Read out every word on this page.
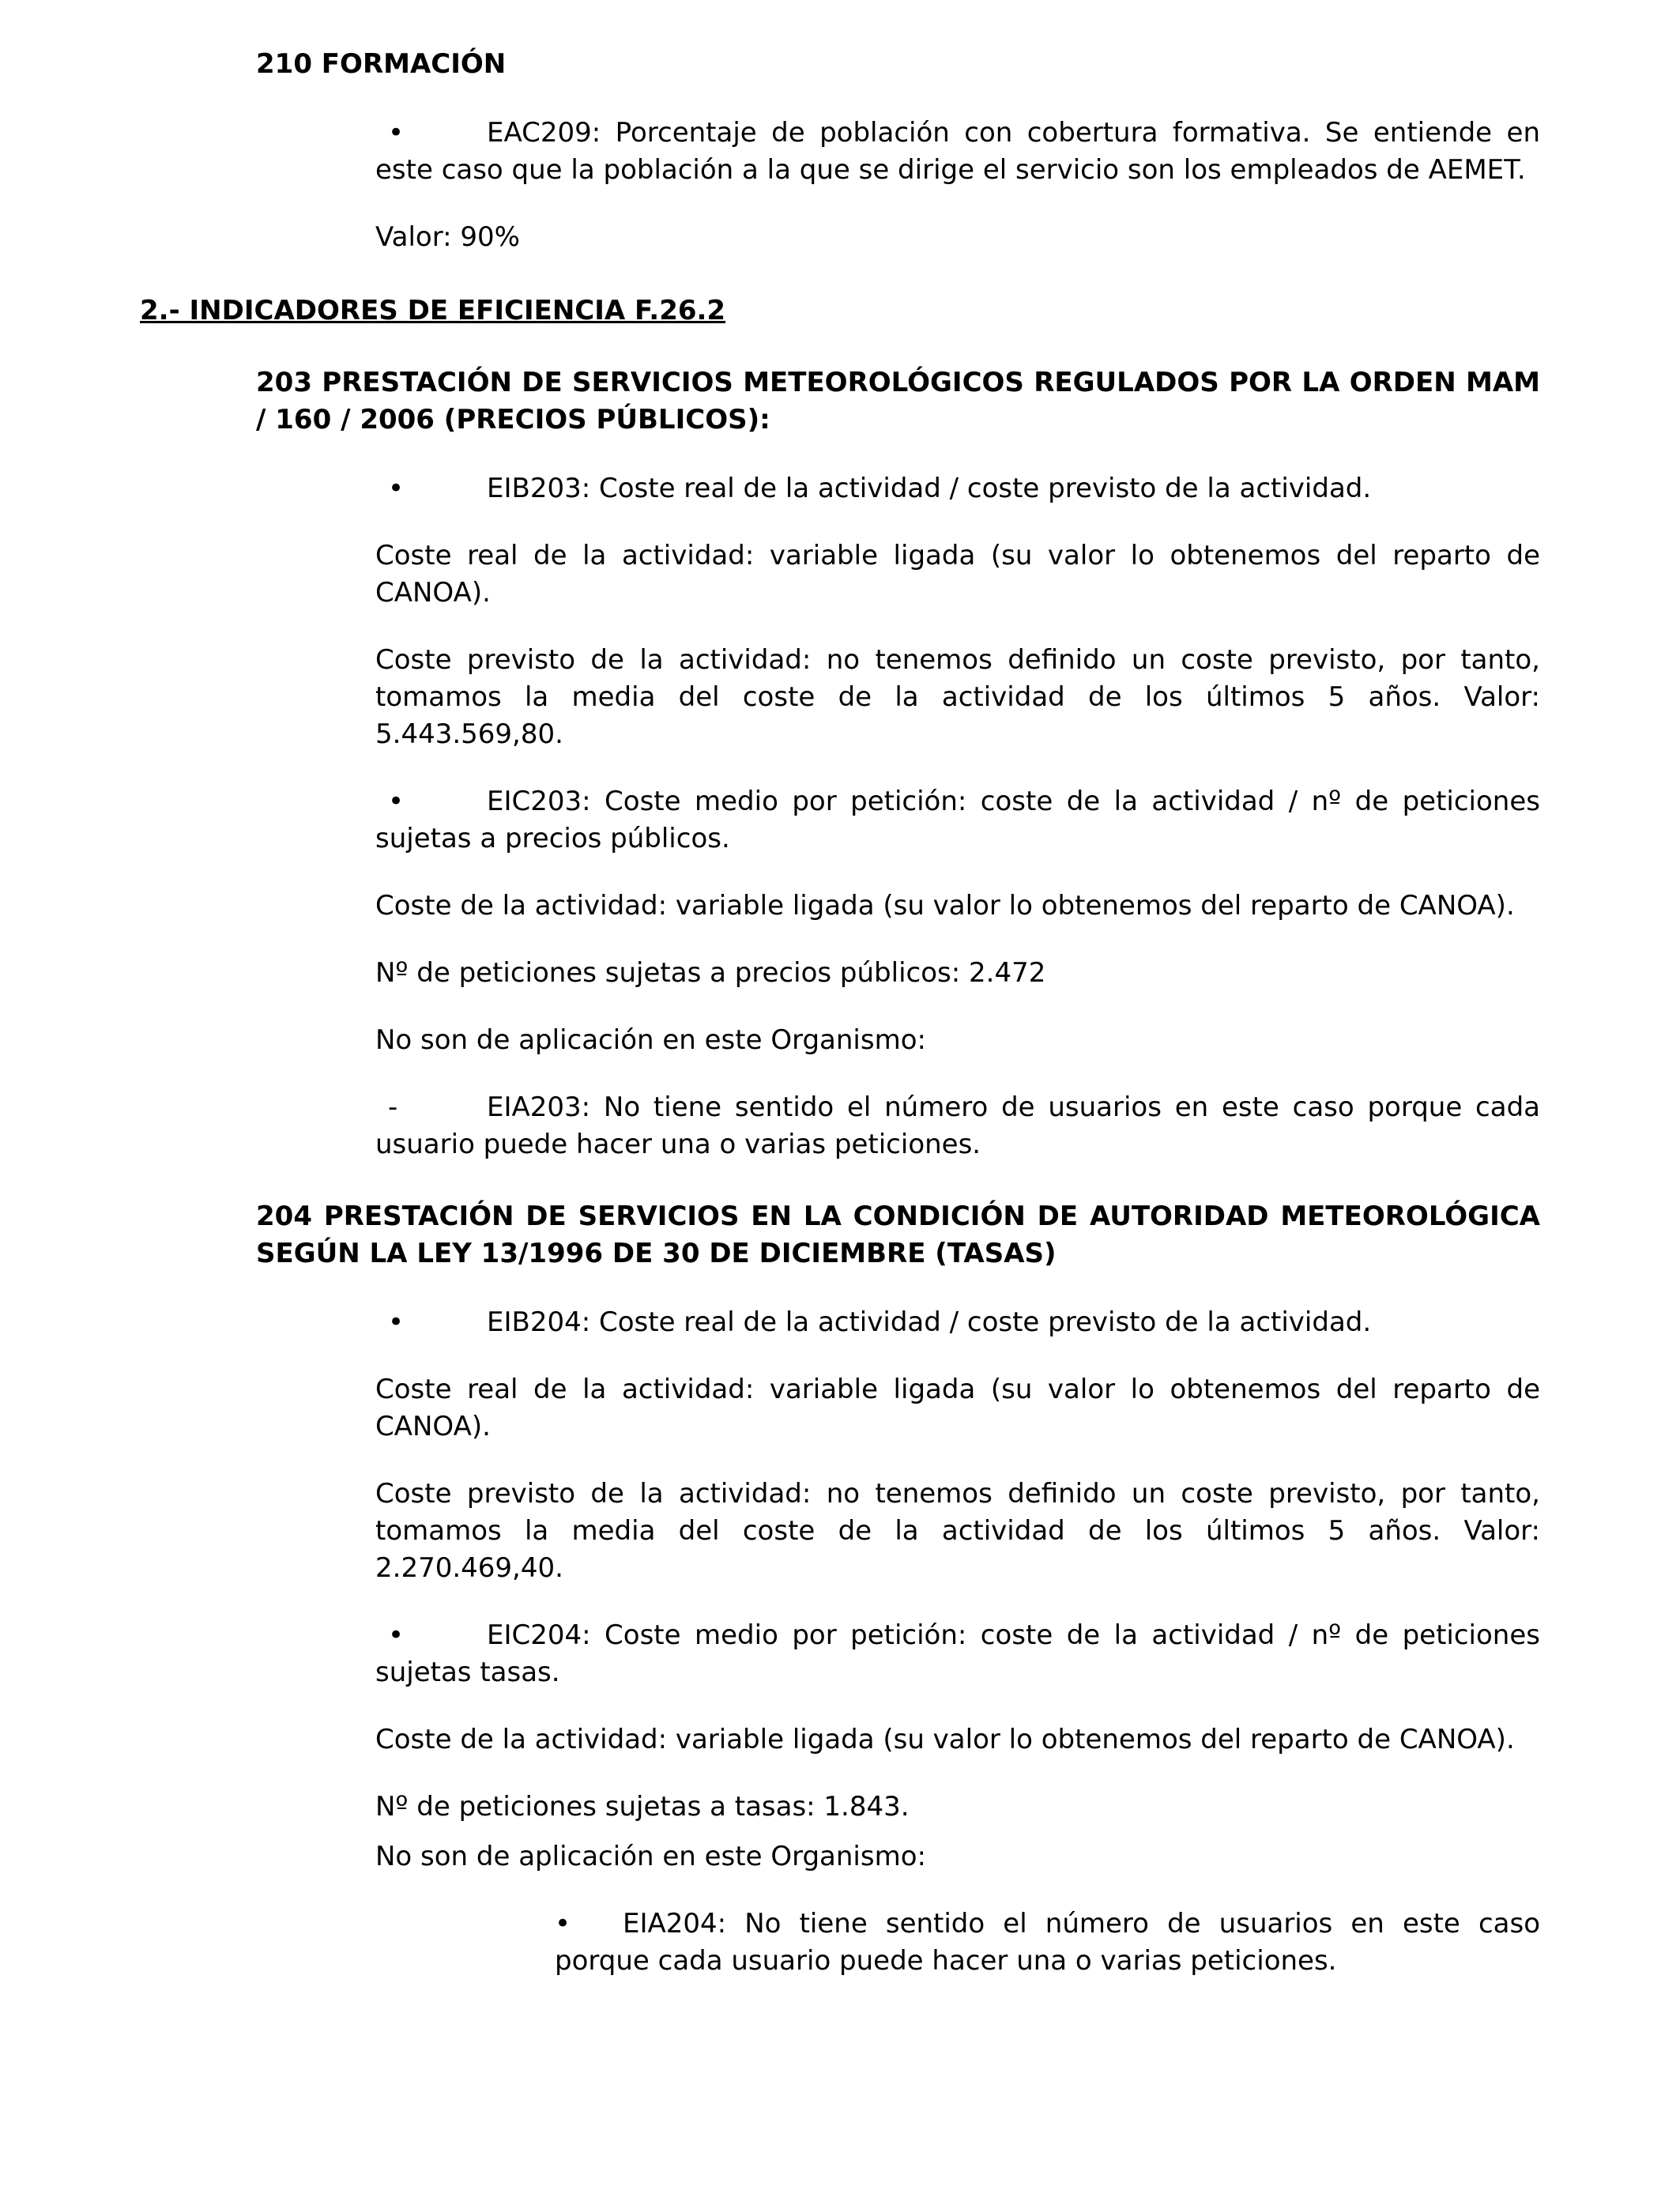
210 FORMACIÓN

•	EAC209: Porcentaje de población con cobertura formativa. Se entiende en este caso que la población a la que se dirige el servicio son los empleados de AEMET.

Valor: 90%

2.- INDICADORES DE EFICIENCIA F.26.2
203 PRESTACIÓN DE SERVICIOS METEOROLÓGICOS REGULADOS POR LA ORDEN MAM / 160 / 2006 (PRECIOS PÚBLICOS):

•	EIB203: Coste real de la actividad / coste previsto de la actividad.

Coste real de la actividad: variable ligada (su valor lo obtenemos del reparto de CANOA).

Coste previsto de la actividad: no tenemos definido un coste previsto, por tanto, tomamos la media del coste de la actividad de los últimos 5 años. Valor: 5.443.569,80.

•	EIC203: Coste medio por petición: coste de la actividad / nº de peticiones sujetas a precios públicos.

Coste de la actividad: variable ligada (su valor lo obtenemos del reparto de CANOA).

Nº de peticiones sujetas a precios públicos: 2.472

No son de aplicación en este Organismo:

-	EIA203: No tiene sentido el número de usuarios en este caso porque cada usuario puede hacer una o varias peticiones.

204 PRESTACIÓN DE SERVICIOS EN LA CONDICIÓN DE AUTORIDAD METEOROLÓGICA SEGÚN LA LEY 13/1996 DE 30 DE DICIEMBRE (TASAS)

•	EIB204: Coste real de la actividad / coste previsto de la actividad.

Coste real de la actividad: variable ligada (su valor lo obtenemos del reparto de CANOA).

Coste previsto de la actividad: no tenemos definido un coste previsto, por tanto, tomamos la media del coste de la actividad de los últimos 5 años. Valor: 2.270.469,40.

•	EIC204: Coste medio por petición: coste de la actividad / nº de peticiones sujetas tasas.

Coste de la actividad: variable ligada (su valor lo obtenemos del reparto de CANOA).

Nº de peticiones sujetas a tasas: 1.843.

No son de aplicación en este Organismo:

• EIA204: No tiene sentido el número de usuarios en este caso porque cada usuario puede hacer una o varias peticiones.
